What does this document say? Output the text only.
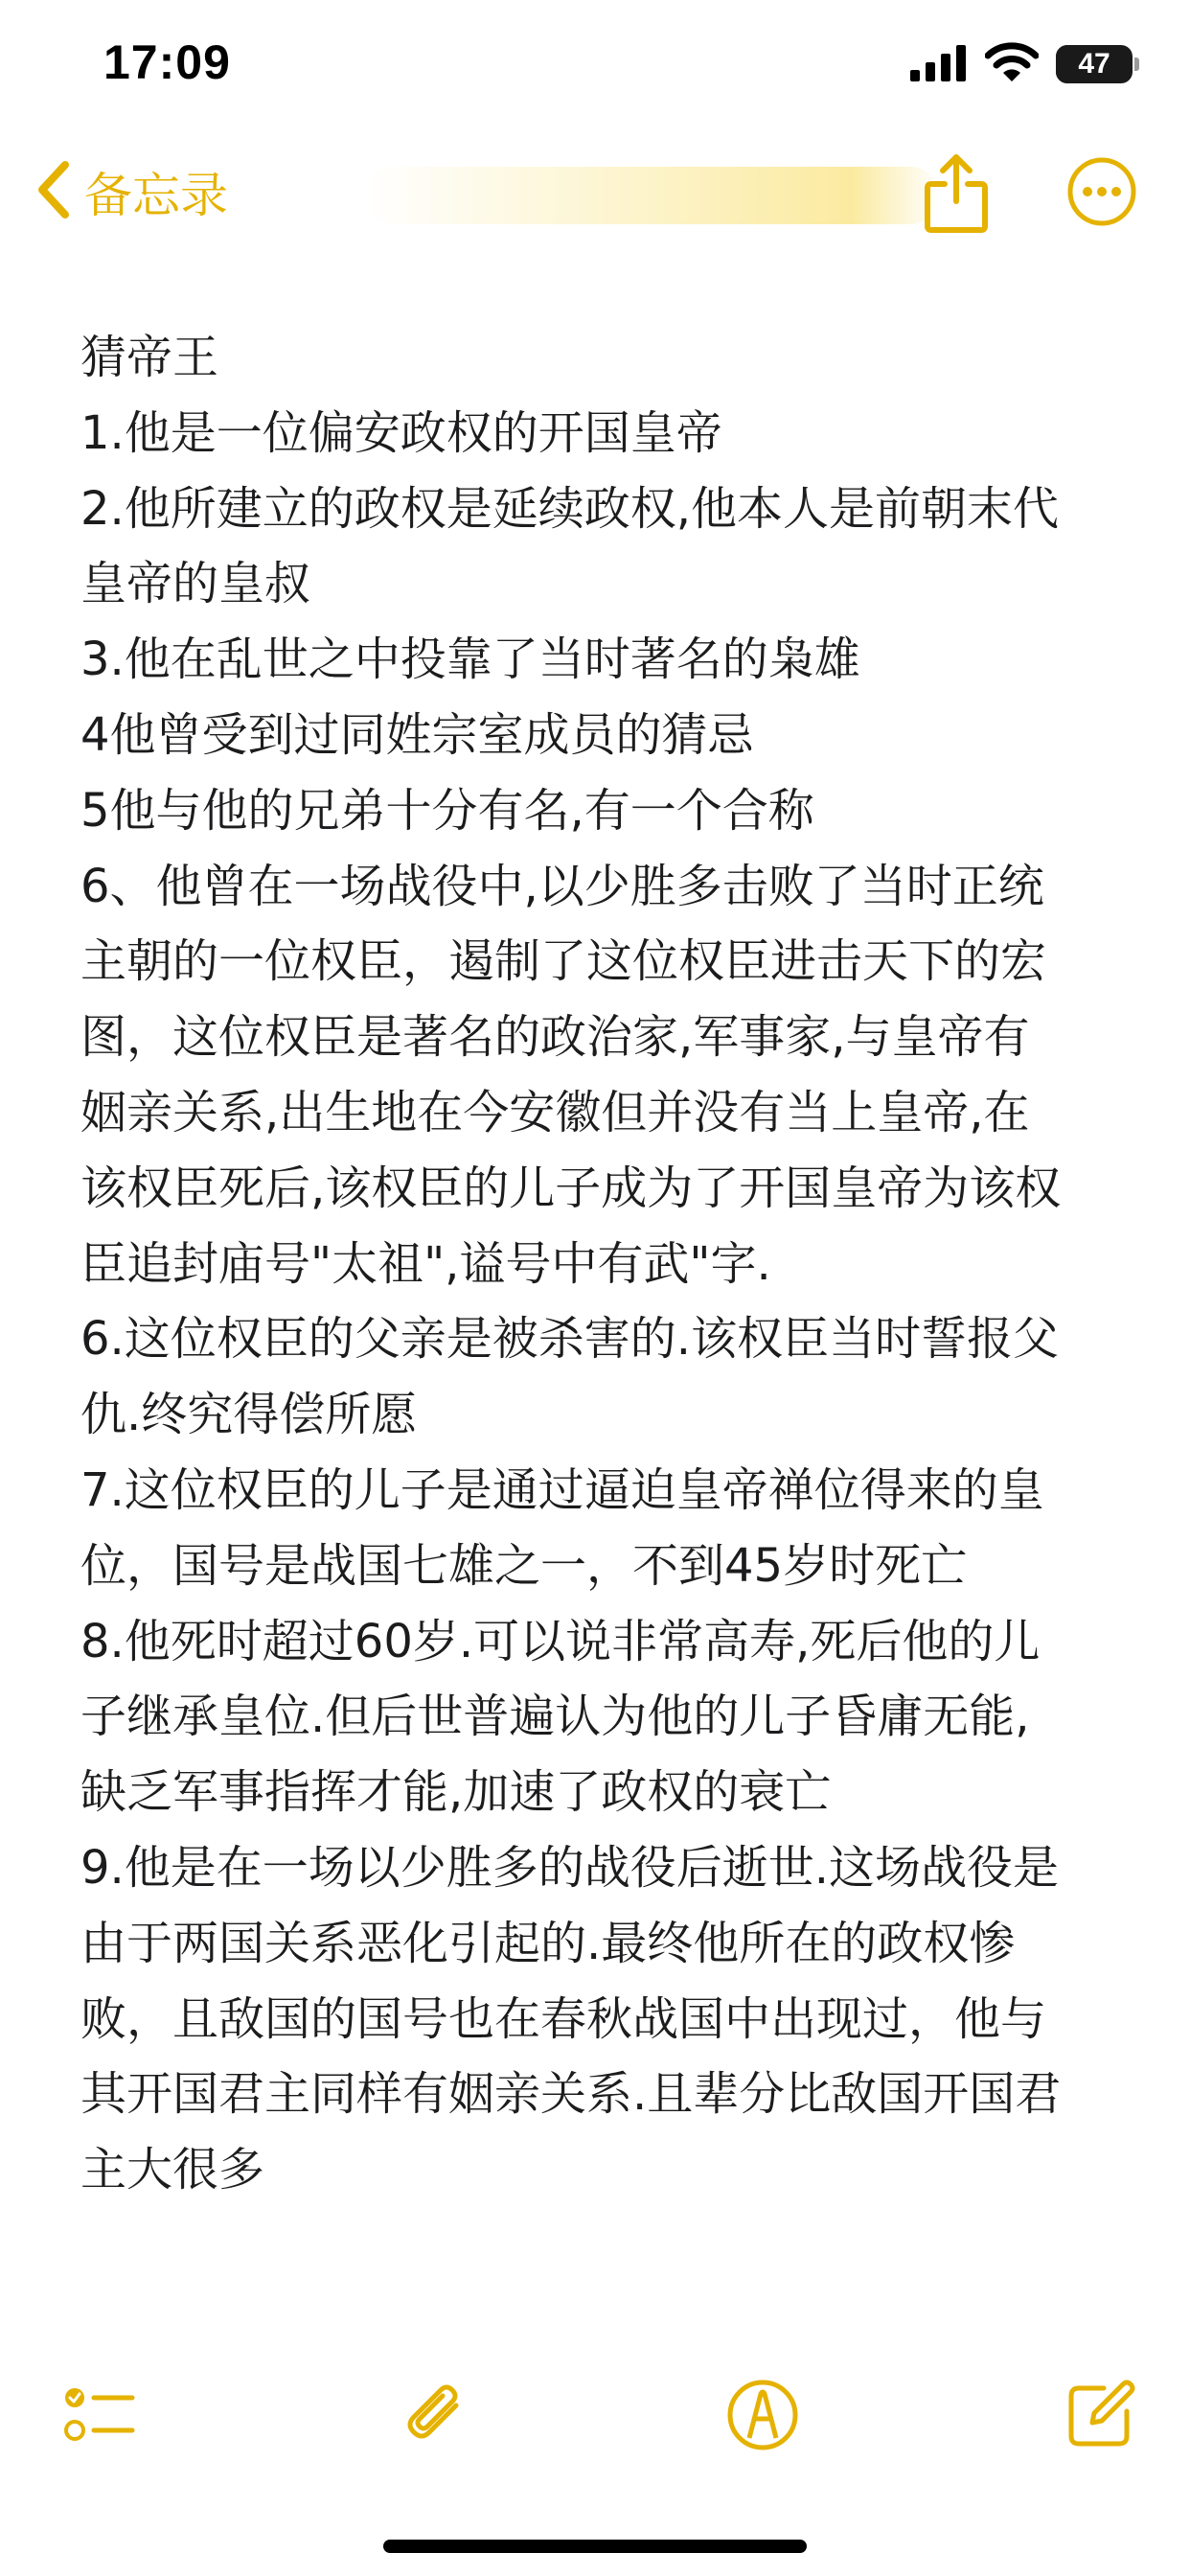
17:09	47
备忘录

猜帝王

1.他是一位偏安政权的开国皇帝

2.他所建立的政权是延续政权,他本人是前朝末代

皇帝的皇叔

3.他在乱世之中投靠了当时著名的枭雄

4他曾受到过同姓宗室成员的猜忌

5他与他的兄弟十分有名,有一个合称

6、他曾在一场战役中,以少胜多击败了当时正统

主朝的一位权臣，遏制了这位权臣进击天下的宏

图，这位权臣是著名的政治家,军事家,与皇帝有

姻亲关系,出生地在今安徽但并没有当上皇帝,在

该权臣死后,该权臣的儿子成为了开国皇帝为该权

臣追封庙号"太祖",谥号中有武"字.

6.这位权臣的父亲是被杀害的.该权臣当时誓报父

仇.终究得偿所愿

7.这位权臣的儿子是通过逼迫皇帝禅位得来的皇

位，国号是战国七雄之一，不到45岁时死亡

8.他死时超过60岁.可以说非常高寿,死后他的儿

子继承皇位.但后世普遍认为他的儿子昏庸无能,

缺乏军事指挥才能,加速了政权的衰亡

9.他是在一场以少胜多的战役后逝世.这场战役是

由于两国关系恶化引起的.最终他所在的政权惨

败，且敌国的国号也在春秋战国中出现过，他与

其开国君主同样有姻亲关系.且辈分比敌国开国君

主大很多
